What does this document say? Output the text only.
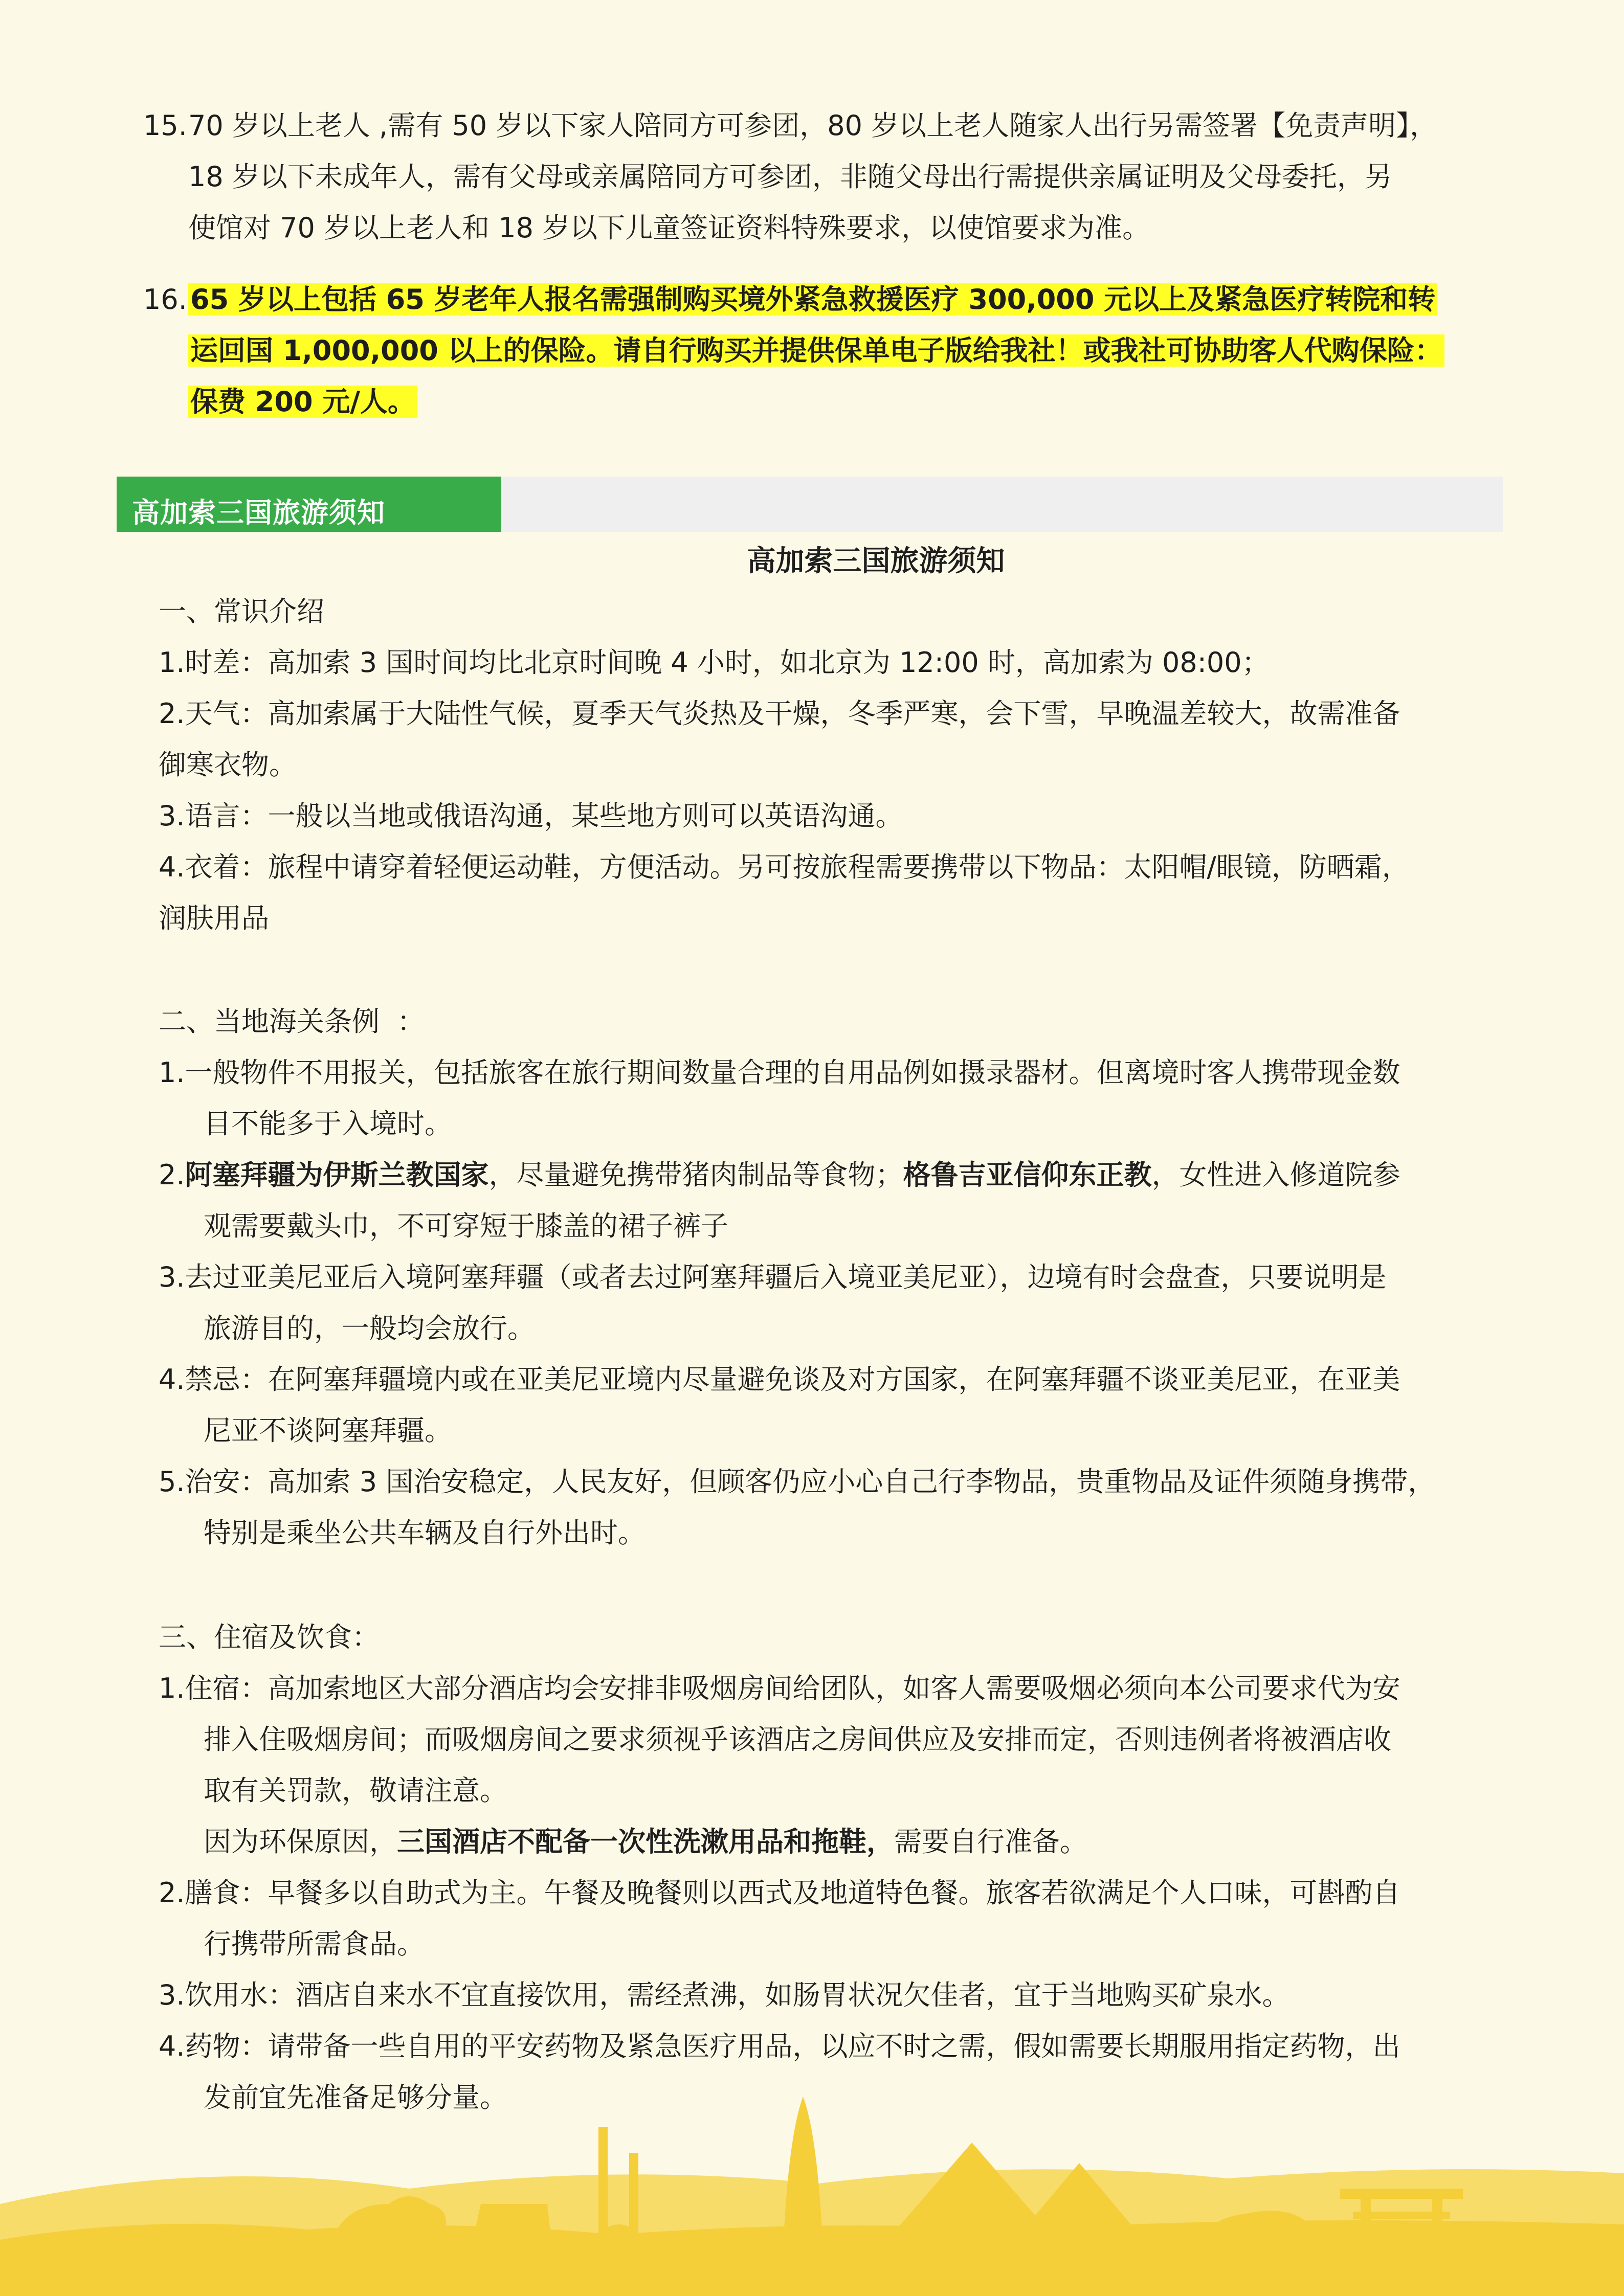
15. 70 岁以上老人 ,需有 50 岁以下家人陪同方可参团，80 岁以上老人随家人出行另需签署【免责声明】，
18 岁以下未成年人，需有父母或亲属陪同方可参团，非随父母出行需提供亲属证明及父母委托，另
使馆对 70 岁以上老人和 18 岁以下儿童签证资料特殊要求，以使馆要求为准。
16. 65 岁以上包括 65 岁老年人报名需强制购买境外紧急救援医疗 300,000 元以上及紧急医疗转院和转
运回国 1,000,000 以上的保险。请自行购买并提供保单电子版给我社！或我社可协助客人代购保险：
保费 200 元/人。
高加索三国旅游须知
高加索三国旅游须知
一、常识介绍
1.时差：高加索 3 国时间均比北京时间晚 4 小时，如北京为 12:00 时，高加索为 08:00；
2.天气：高加索属于大陆性气候，夏季天气炎热及干燥，冬季严寒，会下雪，早晚温差较大，故需准备
御寒衣物。
3.语言：一般以当地或俄语沟通，某些地方则可以英语沟通。
4.衣着：旅程中请穿着轻便运动鞋，方便活动。另可按旅程需要携带以下物品：太阳帽/眼镜，防晒霜，
润肤用品
二、当地海关条例  ：
1.一般物件不用报关，包括旅客在旅行期间数量合理的自用品例如摄录器材。但离境时客人携带现金数
目不能多于入境时。
2.阿塞拜疆为伊斯兰教国家，尽量避免携带猪肉制品等食物；格鲁吉亚信仰东正教，女性进入修道院参
观需要戴头巾，不可穿短于膝盖的裙子裤子
3.去过亚美尼亚后入境阿塞拜疆（或者去过阿塞拜疆后入境亚美尼亚），边境有时会盘查，只要说明是
旅游目的，一般均会放行。
4.禁忌：在阿塞拜疆境内或在亚美尼亚境内尽量避免谈及对方国家，在阿塞拜疆不谈亚美尼亚，在亚美
尼亚不谈阿塞拜疆。
5.治安：高加索 3 国治安稳定，人民友好，但顾客仍应小心自己行李物品，贵重物品及证件须随身携带，
特别是乘坐公共车辆及自行外出时。
三、住宿及饮食：
1.住宿：高加索地区大部分酒店均会安排非吸烟房间给团队，如客人需要吸烟必须向本公司要求代为安
排入住吸烟房间；而吸烟房间之要求须视乎该酒店之房间供应及安排而定，否则违例者将被酒店收
取有关罚款，敬请注意。
因为环保原因，三国酒店不配备一次性洗漱用品和拖鞋，需要自行准备。
2.膳食：早餐多以自助式为主。午餐及晚餐则以西式及地道特色餐。旅客若欲满足个人口味，可斟酌自
行携带所需食品。
3.饮用水：酒店自来水不宜直接饮用，需经煮沸，如肠胃状况欠佳者，宜于当地购买矿泉水。
4.药物：请带备一些自用的平安药物及紧急医疗用品，以应不时之需，假如需要长期服用指定药物，出
发前宜先准备足够分量。
